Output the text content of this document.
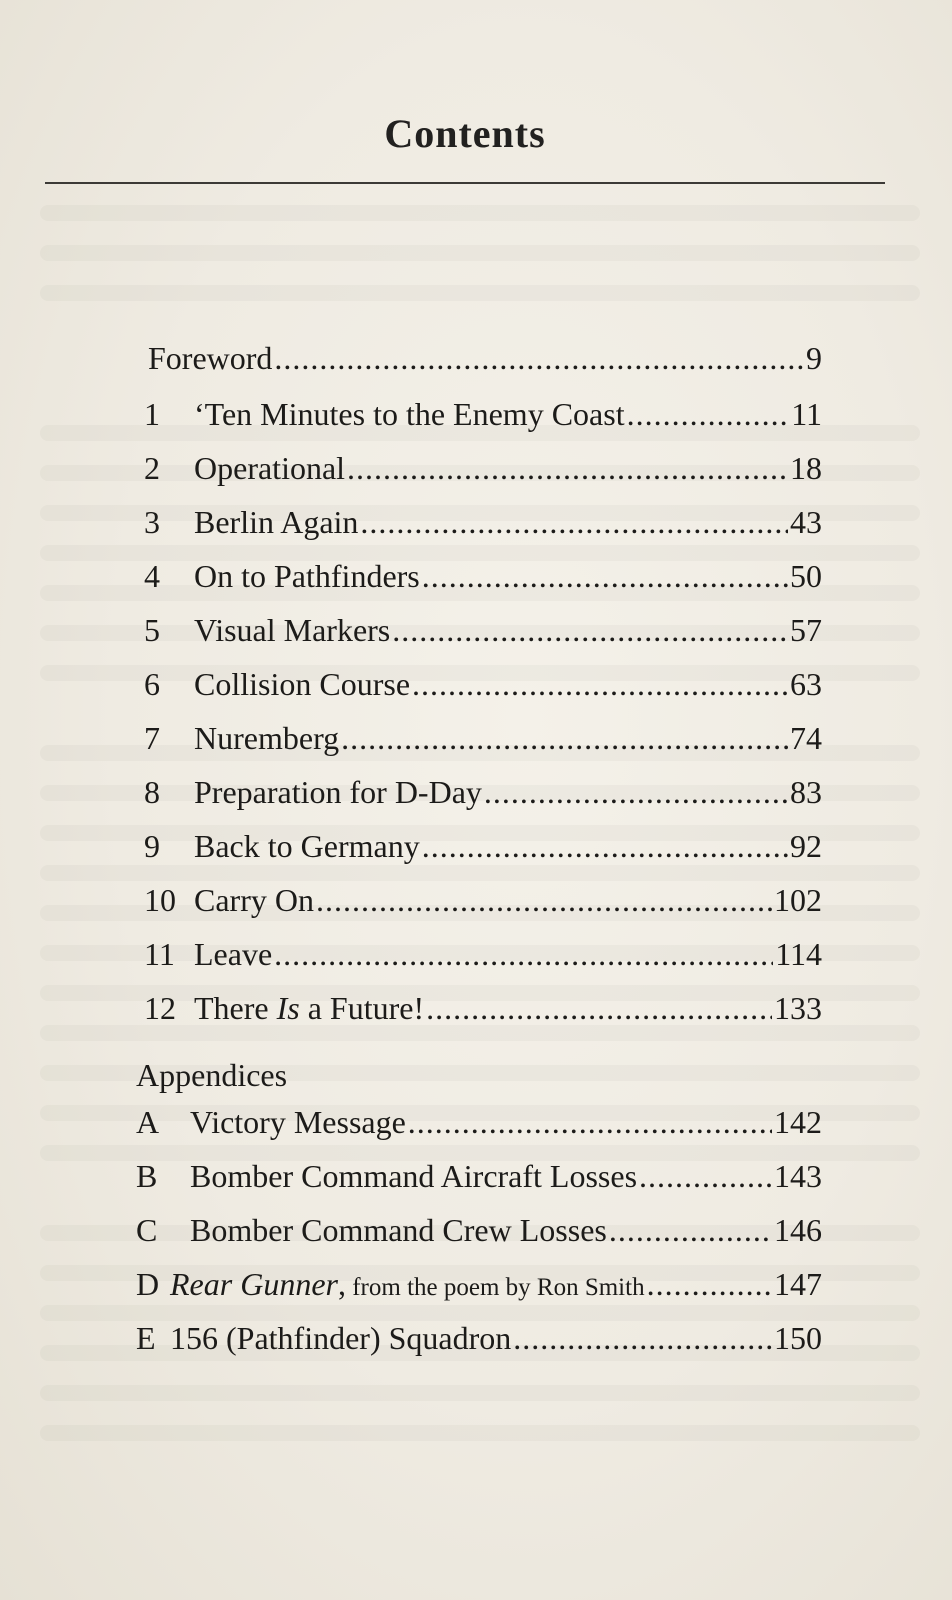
Contents
Foreword .....	9
1	‘Ten Minutes to the Enemy Coast .....	11
2	Operational .....	18
3	Berlin Again .....	43
4	On to Pathfinders .....	50
5	Visual Markers .....	57
6	Collision Course .....	63
7	Nuremberg .....	74
8	Preparation for D-Day .....	83
9	Back to Germany .....	92
10 Carry On .....	102
11 Leave .....	114
12 There Is a Future! .....	133
Appendices
A Victory Message .....	142
B	Bomber Command Aircraft Losses .....	143
C	Bomber Command Crew Losses .....	146
D Rear Gunner, from the poem by Ron Smith .....	147
E 156 (Pathfinder) Squadron .....	150
